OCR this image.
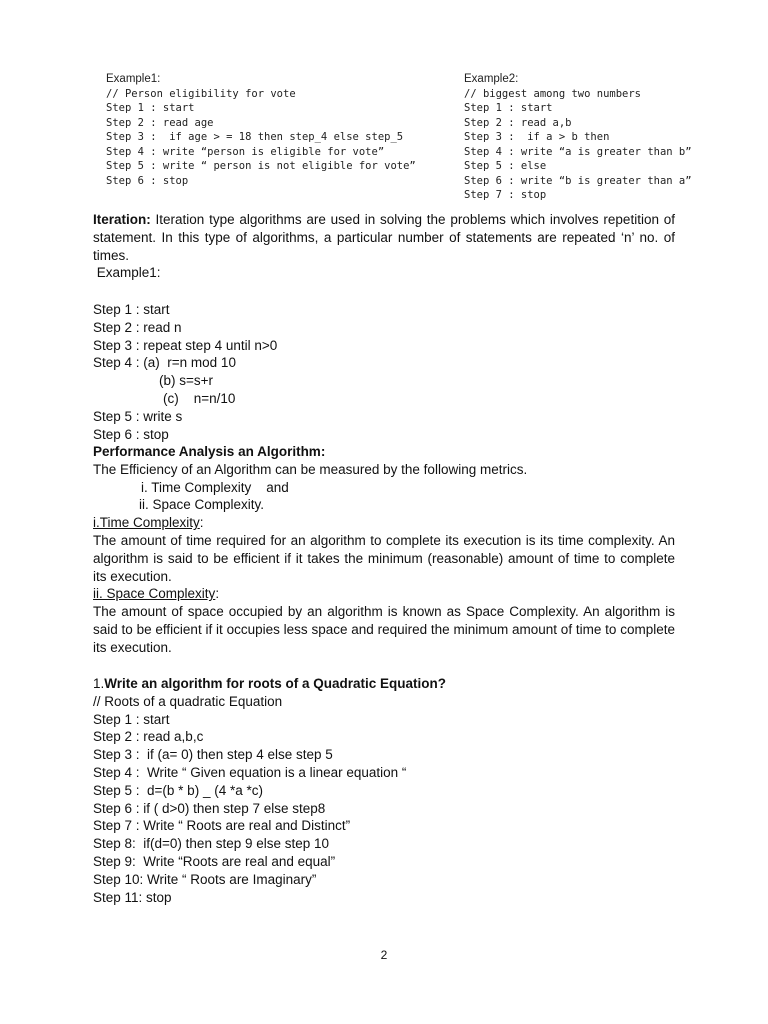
Example1:
// Person eligibility for vote
Step 1 : start
Step 2 : read age
Step 3 :  if age > = 18 then step_4 else step_5
Step 4 : write “person is eligible for vote”
Step 5 : write “ person is not eligible for vote”
Step 6 : stop
Example2:
// biggest among two numbers
Step 1 : start
Step 2 : read a,b
Step 3 :  if a > b then
Step 4 : write “a is greater than b”
Step 5 : else
Step 6 : write “b is greater than a”
Step 7 : stop
Iteration: Iteration type algorithms are used in solving the problems which involves repetition of statement. In this type of algorithms, a particular number of statements are repeated ‘n’ no. of times.
Example1:
Step 1 : start
Step 2 : read n
Step 3 : repeat step 4 until n>0
Step 4 : (a)  r=n mod 10
(b) s=s+r
(c)    n=n/10
Step 5 : write s
Step 6 : stop
Performance Analysis an Algorithm:
The Efficiency of an Algorithm can be measured by the following metrics.
i. Time Complexity    and
ii. Space Complexity.
i.Time Complexity:
The amount of time required for an algorithm to complete its execution is its time complexity. An algorithm is said to be efficient if it takes the minimum (reasonable) amount of time to complete its execution.
ii. Space Complexity:
The amount of space occupied by an algorithm is known as Space Complexity. An algorithm is said to be efficient if it occupies less space and required the minimum amount of time to complete its execution.
1.Write an algorithm for roots of a Quadratic Equation?
// Roots of a quadratic Equation
Step 1 : start
Step 2 : read a,b,c
Step 3 :  if (a= 0) then step 4 else step 5
Step 4 :  Write “ Given equation is a linear equation “
Step 5 :  d=(b * b) _ (4 *a *c)
Step 6 : if ( d>0) then step 7 else step8
Step 7 : Write “ Roots are real and Distinct”
Step 8:  if(d=0) then step 9 else step 10
Step 9:  Write “Roots are real and equal”
Step 10: Write “ Roots are Imaginary”
Step 11: stop
2
